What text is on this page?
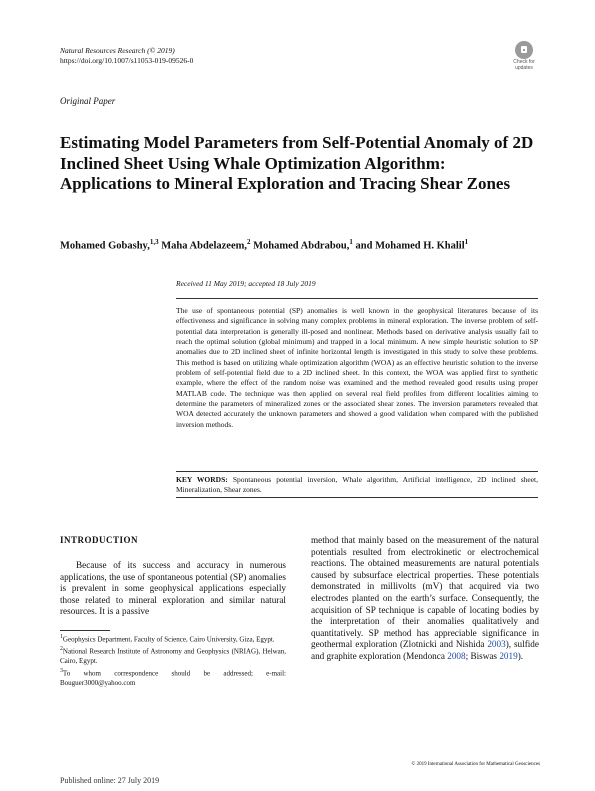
Natural Resources Research (© 2019)
https://doi.org/10.1007/s11053-019-09526-0	Check for
updates
Original Paper
Estimating Model Parameters from Self-Potential Anomaly of 2D Inclined Sheet Using Whale Optimization Algorithm: Applications to Mineral Exploration and Tracing Shear Zones
Mohamed Gobashy,$^{1,3}$ Maha Abdelazeem,$^2$ Mohamed Abdrabou,$^1$ and Mohamed H. Khalil$^1$
Received 11 May 2019; accepted 18 July 2019
The use of spontaneous potential (SP) anomalies is well known in the geophysical literatures because of its effectiveness and significance in solving many complex problems in mineral exploration. The inverse problem of self-potential data interpretation is generally ill-posed and nonlinear. Methods based on derivative analysis usually fail to reach the optimal solution (global minimum) and trapped in a local minimum. A new simple heuristic solution to SP anomalies due to 2D inclined sheet of infinite horizontal length is investigated in this study to solve these problems. This method is based on utilizing whale optimization algorithm (WOA) as an effective heuristic solution to the inverse problem of self-potential field due to a 2D inclined sheet. In this context, the WOA was applied first to synthetic example, where the effect of the random noise was examined and the method revealed good results using proper MATLAB code. The technique was then applied on several real field profiles from different localities aiming to determine the parameters of mineralized zones or the associated shear zones. The inversion parameters revealed that WOA detected accurately the unknown parameters and showed a good validation when compared with the published inversion methods.
KEY WORDS: Spontaneous potential inversion, Whale algorithm, Artificial intelligence, 2D inclined sheet, Mineralization, Shear zones.
INTRODUCTION
Because of its success and accuracy in numerous applications, the use of spontaneous potential (SP) anomalies is prevalent in some geophysical applications especially those related to mineral exploration and similar natural resources. It is a passive
method that mainly based on the measurement of the natural potentials resulted from electrokinetic or electrochemical reactions. The obtained measurements are natural potentials caused by subsurface electrical properties. These potentials demonstrated in millivolts (mV) that acquired via two electrodes planted on the earth’s surface. Consequently, the acquisition of SP technique is capable of locating bodies by the interpretation of their anomalies qualitatively and quantitatively. SP method has appreciable significance in geothermal exploration (Zlotnicki and Nishida 2003), sulfide and graphite exploration (Mendonca 2008; Biswas 2019).
$^1$Geophysics Department, Faculty of Science, Cairo University, Giza, Egypt.
$^2$National Research Institute of Astronomy and Geophysics (NRIAG), Helwan, Cairo, Egypt.
$^3$To whom correspondence should be addressed; e-mail: Bouguer3000@yahoo.com
© 2019 International Association for Mathematical Geosciences
Published online: 27 July 2019
